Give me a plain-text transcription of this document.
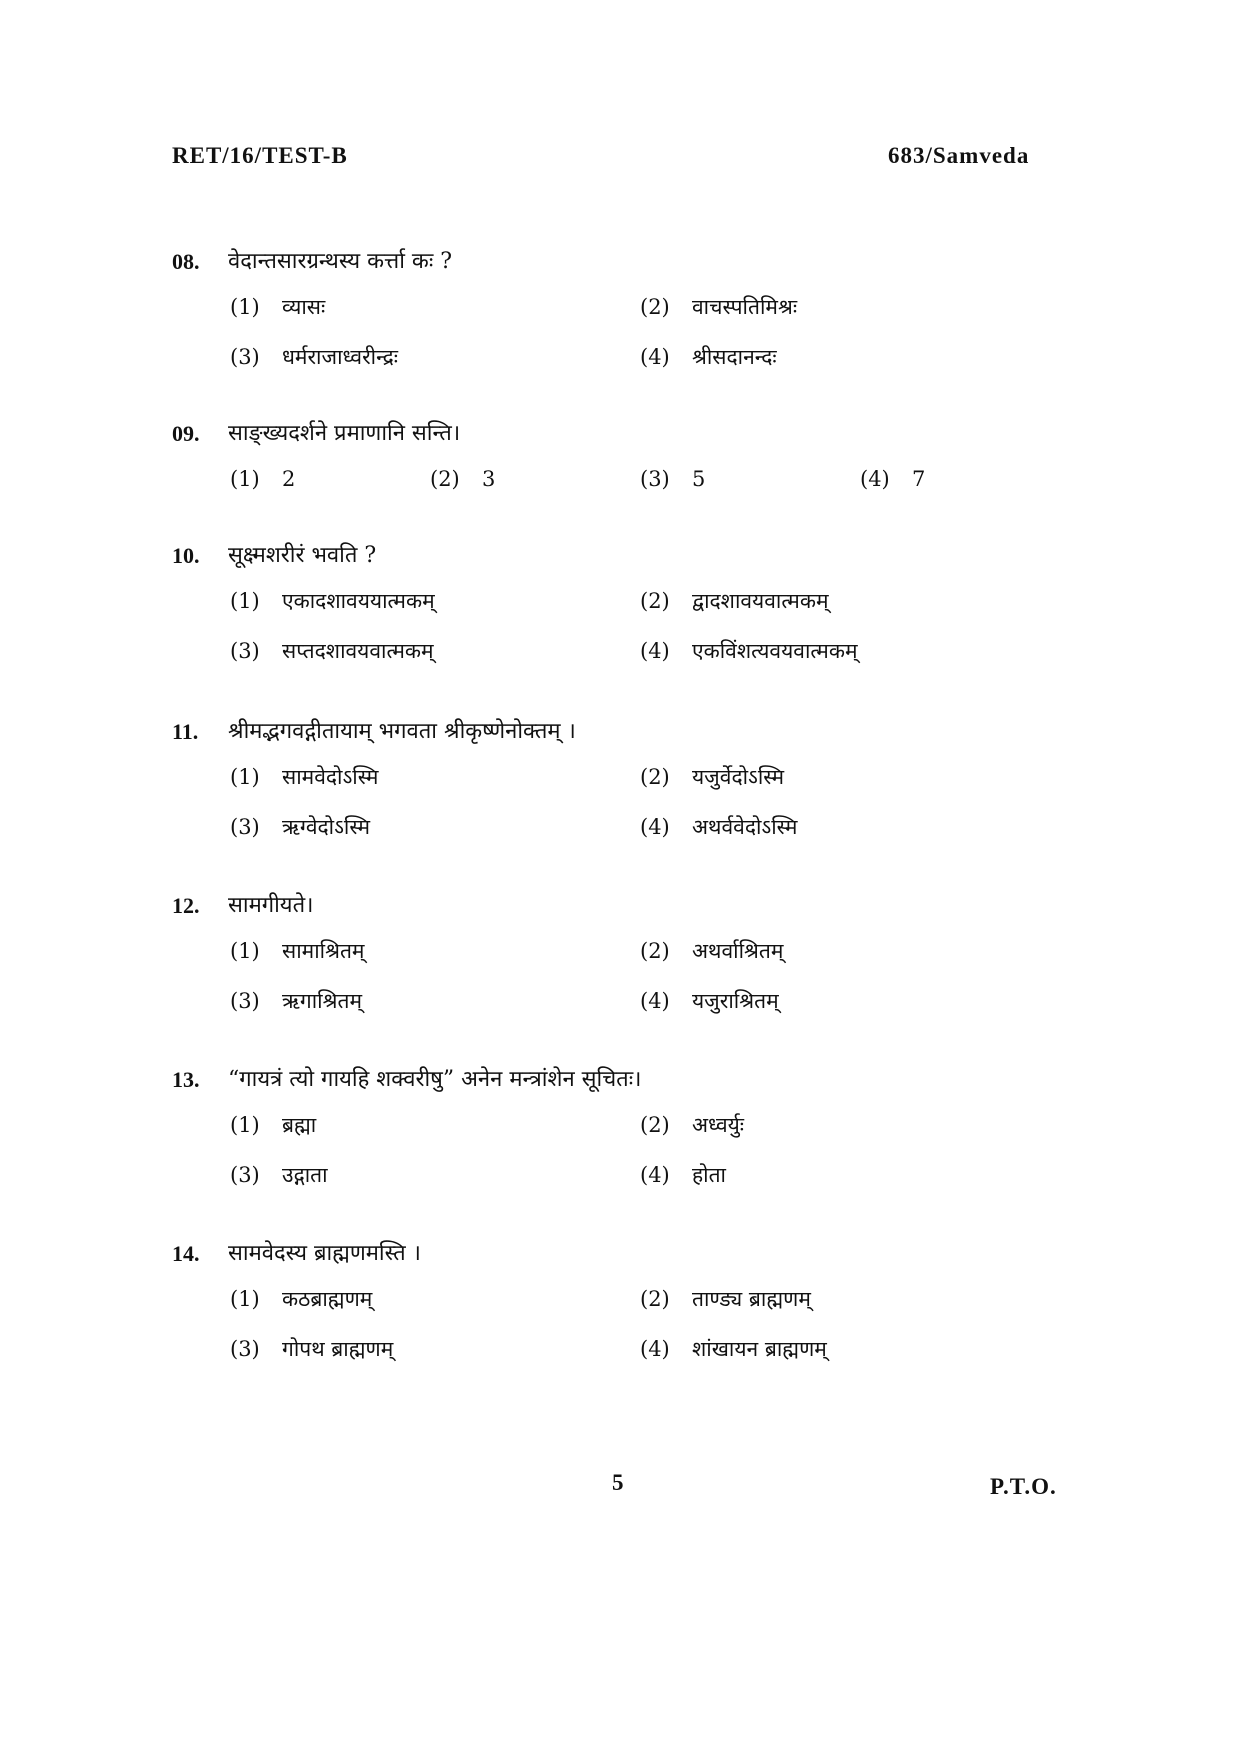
RET/16/TEST-B	683/Samveda
08. वेदान्तसारग्रन्थस्य कर्त्ता कः ?
(1) व्यासः	(2) वाचस्पतिमिश्रः
(3) धर्मराजाध्वरीन्द्रः	(4) श्रीसदानन्दः
09. साङ्ख्यदर्शने प्रमाणानि सन्ति।
(1) 2	(2) 3	(3) 5	(4) 7
10. सूक्ष्मशरीरं भवति ?
(1) एकादशावययात्मकम्	(2) द्वादशावयवात्मकम्
(3) सप्तदशावयवात्मकम्	(4) एकविंशत्यवयवात्मकम्
11. श्रीमद्भगवद्गीतायाम् भगवता श्रीकृष्णेनोक्तम् ।
(1) सामवेदोऽस्मि	(2) यजुर्वेदोऽस्मि
(3) ऋग्वेदोऽस्मि	(4) अथर्ववेदोऽस्मि
12. सामगीयते।
(1) सामाश्रितम्	(2) अथर्वाश्रितम्
(3) ऋगाश्रितम्	(4) यजुराश्रितम्
13. “गायत्रं त्यो गायहि शक्वरीषु” अनेन मन्त्रांशेन सूचितः।
(1) ब्रह्मा	(2) अध्वर्युः
(3) उद्गाता	(4) होता
14. सामवेदस्य ब्राह्मणमस्ति ।
(1) कठब्राह्मणम्	(2) ताण्ड्य ब्राह्मणम्
(3) गोपथ ब्राह्मणम्	(4) शांखायन ब्राह्मणम्
5	P.T.O.
